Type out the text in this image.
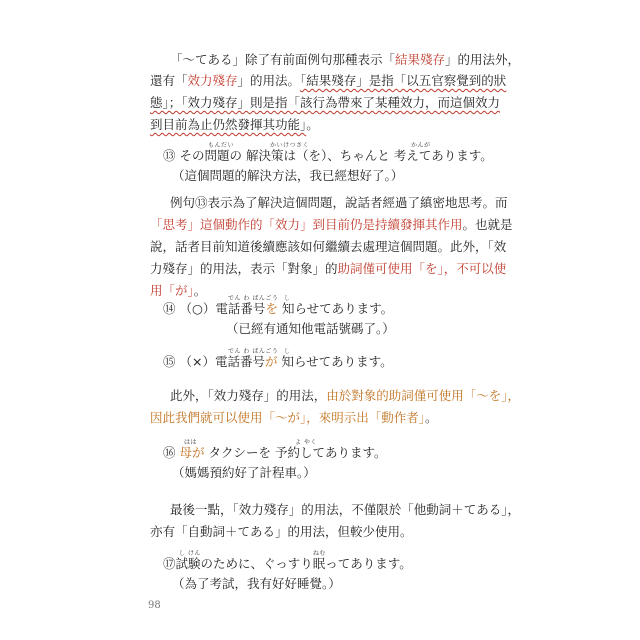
「〜てある」除了有前面例句那種表示「結果殘存」的用法外，
還有「效力殘存」的用法。「結果殘存」是指「以五官察覺到的狀
態」；「效力殘存」則是指「該行為帶來了某種效力，而這個效力
到目前為止仍然發揮其功能」。
もんだい	かいけつさく	かんが
⑬ その問題の 解決策は（を）、ちゃんと 考えてあります。
（這個問題的解決方法，我已經想好了。）
例句⑬表示為了解決這個問題，說話者經過了縝密地思考。而
「思考」這個動作的「效力」到目前仍是持續發揮其作用。也就是
說，話者目前知道後續應該如何繼續去處理這個問題。此外，「效
力殘存」的用法，表示「對象」的助詞僅可使用「を」，不可以使
用「が」。
でん わ ばんごう し
⑭ （○）電話番号を 知らせてあります。
（已經有通知他電話號碼了。）
でん わ ばんごう し
⑮ （×）電話番号が 知らせてあります。
此外，「效力殘存」的用法，由於對象的助詞僅可使用「〜を」，
因此我們就可以使用「〜が」，來明示出「動作者」。
はは	よ やく
⑯ 母が タクシーを 予約してあります。
（媽媽預約好了計程車。）
最後一點，「效力殘存」的用法，不僅限於「他動詞＋てある」，
亦有「自動詞＋てある」的用法，但較少使用。
し けん	ねむ
⑰試験のために、ぐっすり眠ってあります。
（為了考試，我有好好睡覺。）
98
